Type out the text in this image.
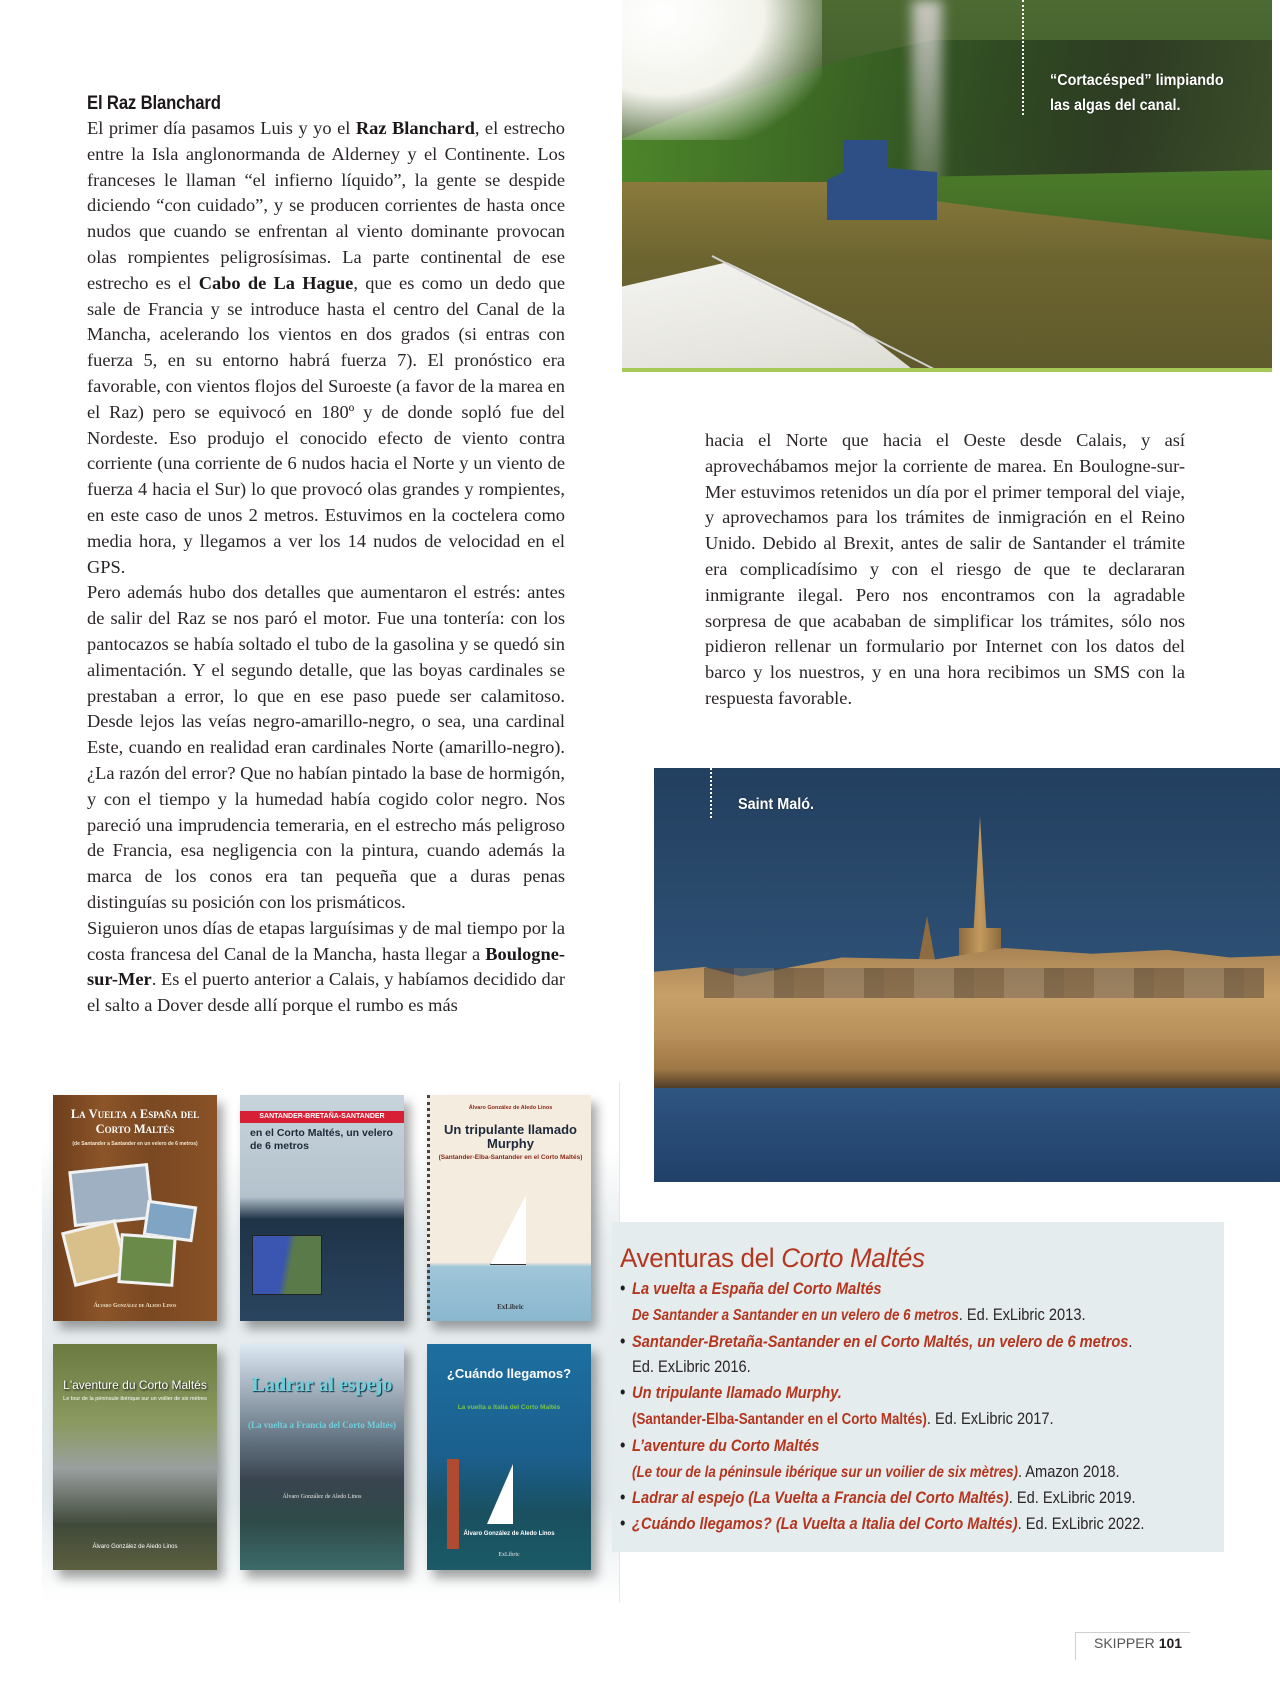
El Raz Blanchard

El primer día pasamos Luis y yo el Raz Blanchard, el estrecho entre la Isla anglonormanda de Alderney y el Continente. Los franceses le llaman “el infierno líquido”, la gente se despide diciendo “con cuidado”, y se producen corrientes de hasta once nudos que cuando se enfrentan al viento dominante provocan olas rompientes peligrosísimas. La parte continental de ese estrecho es el Cabo de La Hague, que es como un dedo que sale de Francia y se introduce hasta el centro del Canal de la Mancha, acelerando los vientos en dos grados (si entras con fuerza 5, en su entorno habrá fuerza 7). El pronóstico era favorable, con vientos flojos del Suroeste (a favor de la marea en el Raz) pero se equivocó en 180º y de donde sopló fue del Nordeste. Eso produjo el conocido efecto de viento contra corriente (una corriente de 6 nudos hacia el Norte y un viento de fuerza 4 hacia el Sur) lo que provocó olas grandes y rompientes, en este caso de unos 2 metros. Estuvimos en la coctelera como media hora, y llegamos a ver los 14 nudos de velocidad en el GPS.

Pero además hubo dos detalles que aumentaron el estrés: antes de salir del Raz se nos paró el motor. Fue una tontería: con los pantocazos se había soltado el tubo de la gasolina y se quedó sin alimentación. Y el segundo detalle, que las boyas cardinales se prestaban a error, lo que en ese paso puede ser calamitoso. Desde lejos las veías negro-amarillo-negro, o sea, una cardinal Este, cuando en realidad eran cardinales Norte (amarillo-negro). ¿La razón del error? Que no habían pintado la base de hormigón, y con el tiempo y la humedad había cogido color negro. Nos pareció una imprudencia temeraria, en el estrecho más peligroso de Francia, esa negligencia con la pintura, cuando además la marca de los conos era tan pequeña que a duras penas distinguías su posición con los prismáticos.

Siguieron unos días de etapas larguísimas y de mal tiempo por la costa francesa del Canal de la Mancha, hasta llegar a Boulogne-sur-Mer. Es el puerto anterior a Calais, y habíamos decidido dar el salto a Dover desde allí porque el rumbo es más

“Cortacésped” limpiando
las algas del canal.
hacia el Norte que hacia el Oeste desde Calais, y así aprovechábamos mejor la corriente de marea. En Boulogne-sur-Mer estuvimos retenidos un día por el primer temporal del viaje, y aprovechamos para los trámites de inmigración en el Reino Unido. Debido al Brexit, antes de salir de Santander el trámite era complicadísimo y con el riesgo de que te declararan inmigrante ilegal. Pero nos encontramos con la agradable sorpresa de que acababan de simplificar los trámites, sólo nos pidieron rellenar un formulario por Internet con los datos del barco y los nuestros, y en una hora recibimos un SMS con la respuesta favorable.
Saint Maló.
La Vuelta a España del Corto Maltés
(de Santander a Santander en un velero de 6 metros)
Álvaro González de Aledo Linos
SANTANDER-BRETAÑA-SANTANDER
en el Corto Maltés, un velero de 6 metros
Álvaro González de Aledo Linos
Un tripulante llamado Murphy
(Santander-Elba-Santander en el Corto Maltés)
ExLibric
L'aventure du Corto Maltés
Le tour de la péninsule ibérique sur un voilier de six mètres
Álvaro González de Aledo Linos
Ladrar al espejo
(La vuelta a Francia del Corto Maltés)
Álvaro González de Aledo Linos
¿Cuándo llegamos?
La vuelta a Italia del Corto Maltés
Álvaro González de Aledo Linos
ExLibric
Aventuras del Corto Maltés
• La vuelta a España del Corto Maltés
De Santander a Santander en un velero de 6 metros. Ed. ExLibric 2013.
• Santander-Bretaña-Santander en el Corto Maltés, un velero de 6 metros.
Ed. ExLibric 2016.
• Un tripulante llamado Murphy.
(Santander-Elba-Santander en el Corto Maltés). Ed. ExLibric 2017.
• L’aventure du Corto Maltés
(Le tour de la péninsule ibérique sur un voilier de six mètres). Amazon 2018.
• Ladrar al espejo (La Vuelta a Francia del Corto Maltés). Ed. ExLibric 2019.
• ¿Cuándo llegamos? (La Vuelta a Italia del Corto Maltés). Ed. ExLibric 2022.
SKIPPER 101
